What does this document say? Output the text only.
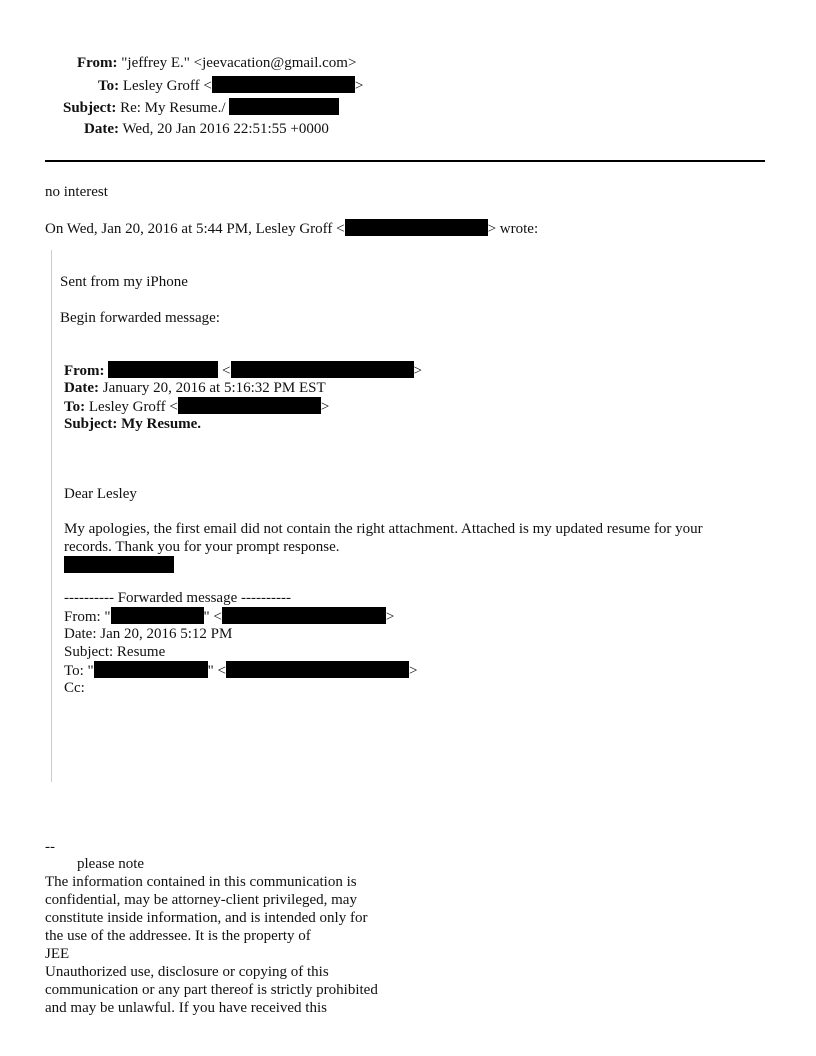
From: "jeffrey E." <jeevacation@gmail.com>
To: Lesley Groff <	>
Subject: Re: My Resume./
Date: Wed, 20 Jan 2016 22:51:55 +0000
no interest
On Wed, Jan 20, 2016 at 5:44 PM, Lesley Groff <	> wrote:
Sent from my iPhone
Begin forwarded message:
From:	<	>
Date: January 20, 2016 at 5:16:32 PM EST
To: Lesley Groff <	>
Subject: My Resume.
Dear Lesley
My apologies, the first email did not contain the right attachment. Attached is my updated resume for your
records. Thank you for your prompt response.
---------- Forwarded message ----------
From: "	" <	>
Date: Jan 20, 2016 5:12 PM
Subject: Resume
To: "	" <	>
Cc:
--
please note
The information contained in this communication is
confidential, may be attorney-client privileged, may
constitute inside information, and is intended only for
the use of the addressee. It is the property of
JEE
Unauthorized use, disclosure or copying of this
communication or any part thereof is strictly prohibited
and may be unlawful. If you have received this
